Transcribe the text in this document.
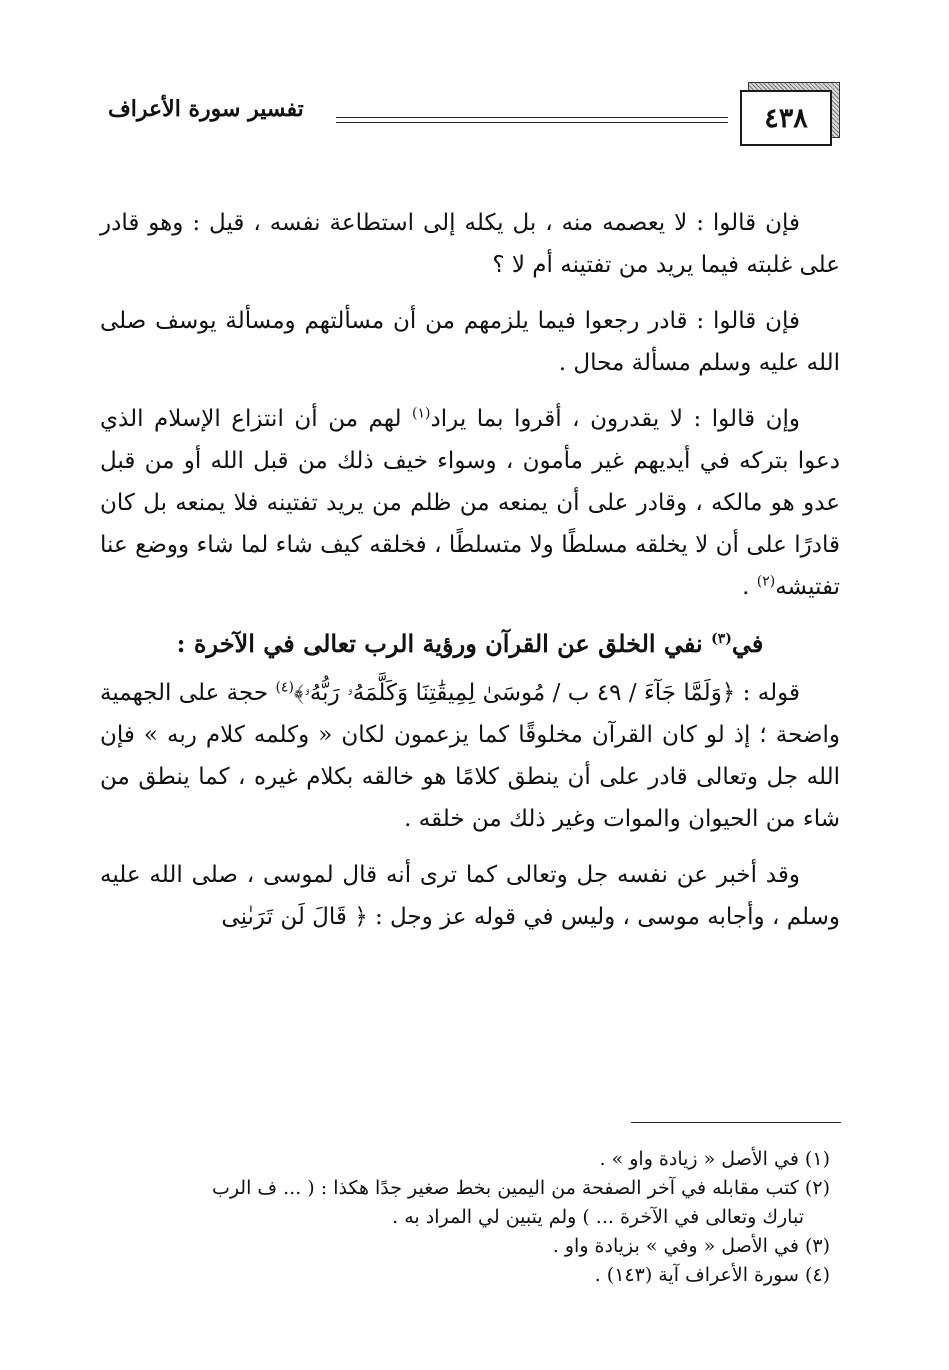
٤٣٨
تفسير سورة الأعراف

فإن قالوا : لا يعصمه منه ، بل يكله إلى استطاعة نفسه ، قيل : وهو قادر على غلبته فيما يريد من تفتينه أم لا ؟

فإن قالوا : قادر رجعوا فيما يلزمهم من أن مسألتهم ومسألة يوسف صلى الله عليه وسلم مسألة محال .

وإن قالوا : لا يقدرون ، أقروا بما يراد$^{(١)}$ لهم من أن انتزاع الإسلام الذي دعوا بتركه في أيديهم غير مأمون ، وسواء خيف ذلك من قبل الله أو من قبل عدو هو مالكه ، وقادر على أن يمنعه من ظلم من يريد تفتينه فلا يمنعه بل كان قادرًا على أن لا يخلقه مسلطًا ولا متسلطًا ، فخلقه كيف شاء لما شاء ووضع عنا تفتيشه$^{(٢)}$ .

في$^{(٣)}$ نفي الخلق عن القرآن ورؤية الرب تعالى في الآخرة :

قوله : ﴿وَلَمَّا جَآءَ / ٤٩ ب / مُوسَىٰ لِمِيقَٰتِنَا وَكَلَّمَهُۥ رَبُّهُۥ﴾$^{(٤)}$ حجة على الجهمية واضحة ؛ إذ لو كان القرآن مخلوقًا كما يزعمون لكان « وكلمه كلام ربه » فإن الله جل وتعالى قادر على أن ينطق كلامًا هو خالقه بكلام غيره ، كما ينطق من شاء من الحيوان والموات وغير ذلك من خلقه .

وقد أخبر عن نفسه جل وتعالى كما ترى أنه قال لموسى ، صلى الله عليه وسلم ، وأجابه موسى ، وليس في قوله عز وجل : ﴿ قَالَ لَن تَرَىٰنِى

(١) في الأصل « زيادة واو » .

(٢) كتب مقابله في آخر الصفحة من اليمين بخط صغير جدًا هكذا : ( ... ف الرب

تبارك وتعالى في الآخرة ... ) ولم يتبين لي المراد به .

(٣) في الأصل « وفي » بزيادة واو .

(٤) سورة الأعراف آية (١٤٣) .
